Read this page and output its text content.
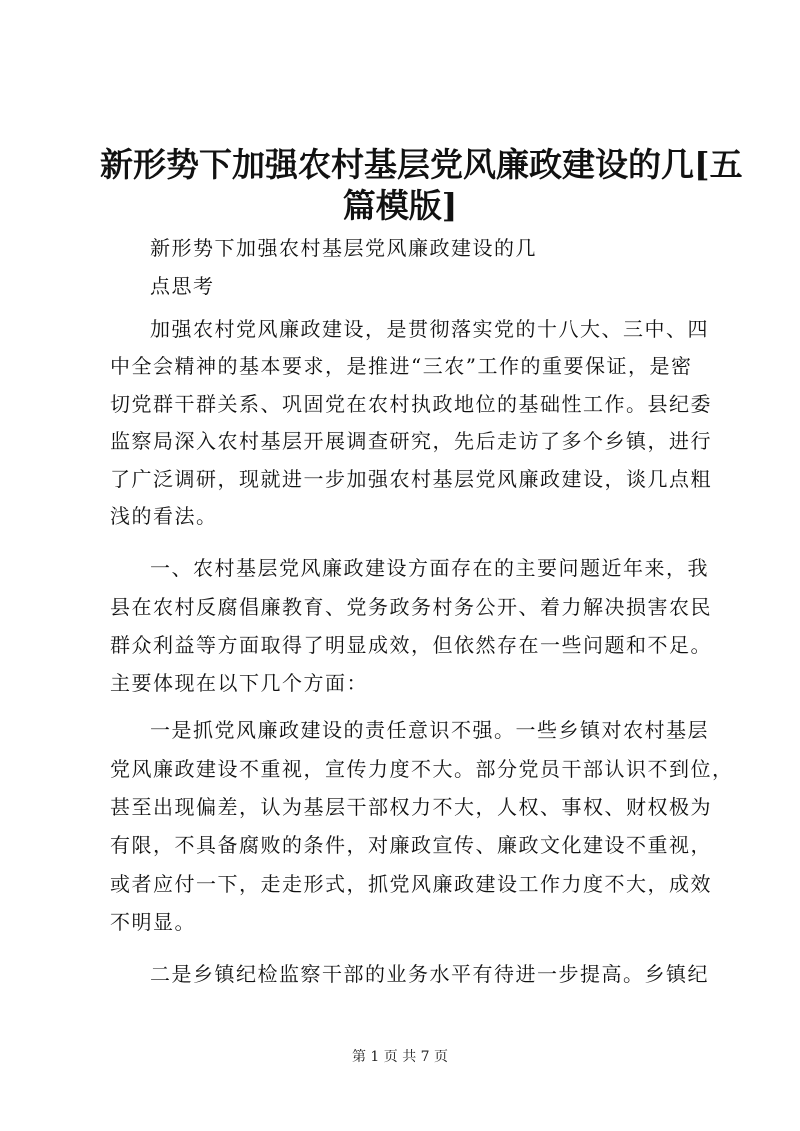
新形势下加强农村基层党风廉政建设的几[五
篇模版]
新形势下加强农村基层党风廉政建设的几
点思考
加强农村党风廉政建设，是贯彻落实党的十八大、三中、四
中全会精神的基本要求，是推进“三农”工作的重要保证，是密
切党群干群关系、巩固党在农村执政地位的基础性工作。县纪委
监察局深入农村基层开展调查研究，先后走访了多个乡镇，进行
了广泛调研，现就进一步加强农村基层党风廉政建设，谈几点粗
浅的看法。
一、农村基层党风廉政建设方面存在的主要问题近年来，我
县在农村反腐倡廉教育、党务政务村务公开、着力解决损害农民
群众利益等方面取得了明显成效，但依然存在一些问题和不足。
主要体现在以下几个方面：
一是抓党风廉政建设的责任意识不强。一些乡镇对农村基层
党风廉政建设不重视，宣传力度不大。部分党员干部认识不到位，
甚至出现偏差，认为基层干部权力不大，人权、事权、财权极为
有限，不具备腐败的条件，对廉政宣传、廉政文化建设不重视，
或者应付一下，走走形式，抓党风廉政建设工作力度不大，成效
不明显。
二是乡镇纪检监察干部的业务水平有待进一步提高。乡镇纪
第 1 页 共 7 页
